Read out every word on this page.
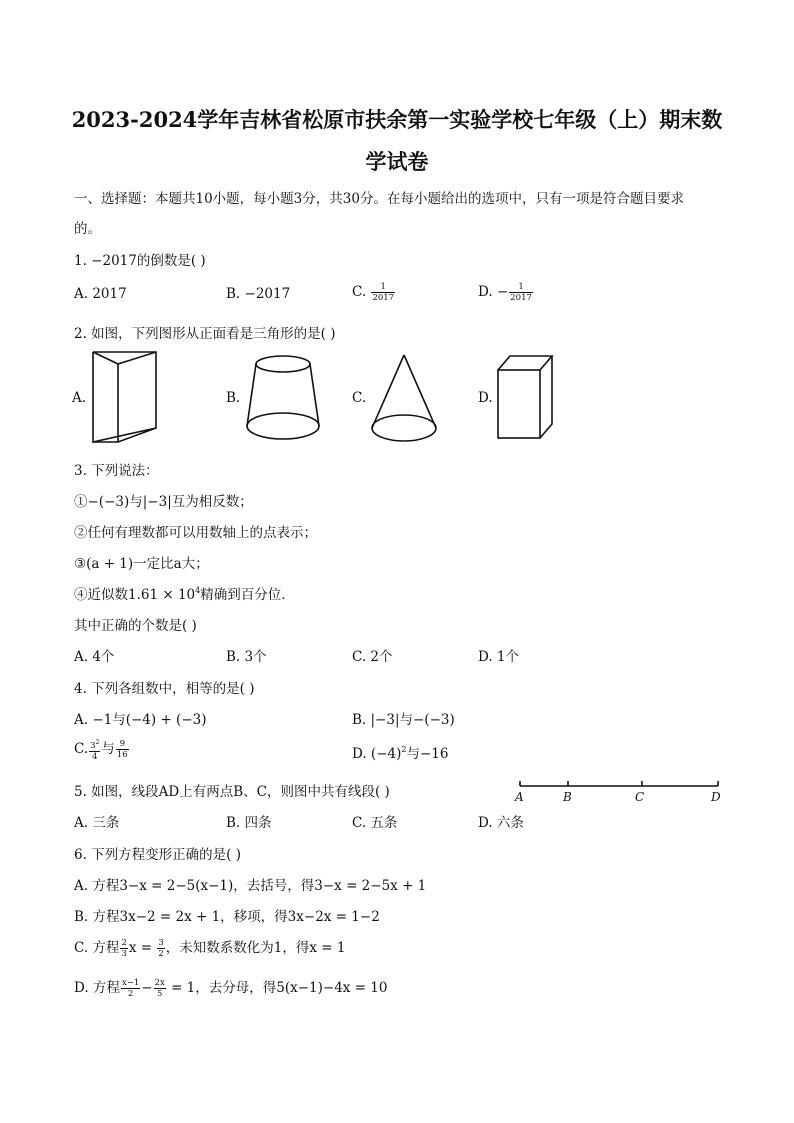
2023-2024学年吉林省松原市扶余第一实验学校七年级（上）期末数
学试卷
一、选择题：本题共10小题，每小题3分，共30分。在每小题给出的选项中，只有一项是符合题目要求
的。
1. −2017的倒数是( )
A. 2017	B. −2017	C. $\frac{1}{2017}$	D. − $\frac{1}{2017}$
2. 如图，下列图形从正面看是三角形的是( )
A.	B.	C.	D.
3. 下列说法：
①−(−3)与|−3|互为相反数；
②任何有理数都可以用数轴上的点表示；
③(a + 1)一定比a大；
④近似数$1.61 \times 10^4$精确到百分位．
其中正确的个数是( )
A. 4个	B. 3个	C. 2个	D. 1个
4. 下列各组数中，相等的是( )
A. −1与(−4) + (−3)	B. |−3|与−(−3)
C. $\frac{3^2}{4}$ 与 $\frac{9}{16}$	D. $(-4)^2$与−16
5. 如图，线段AD上有两点B、C，则图中共有线段( )	A	B	C	D
A. 三条	B. 四条	C. 五条	D. 六条
6. 下列方程变形正确的是( )
A. 方程3−x = 2−5(x−1)，去括号，得3−x = 2−5x + 1
B. 方程3x−2 = 2x + 1，移项，得3x−2x = 1−2
C. 方程 $\frac{2}{3}$ $x = \frac{3}{2}$ ，未知数系数化为1，得x = 1
D. 方程 $\frac{x-1}{2} - \frac{2x}{5} = 1$，去分母，得5(x−1)−4x = 10
